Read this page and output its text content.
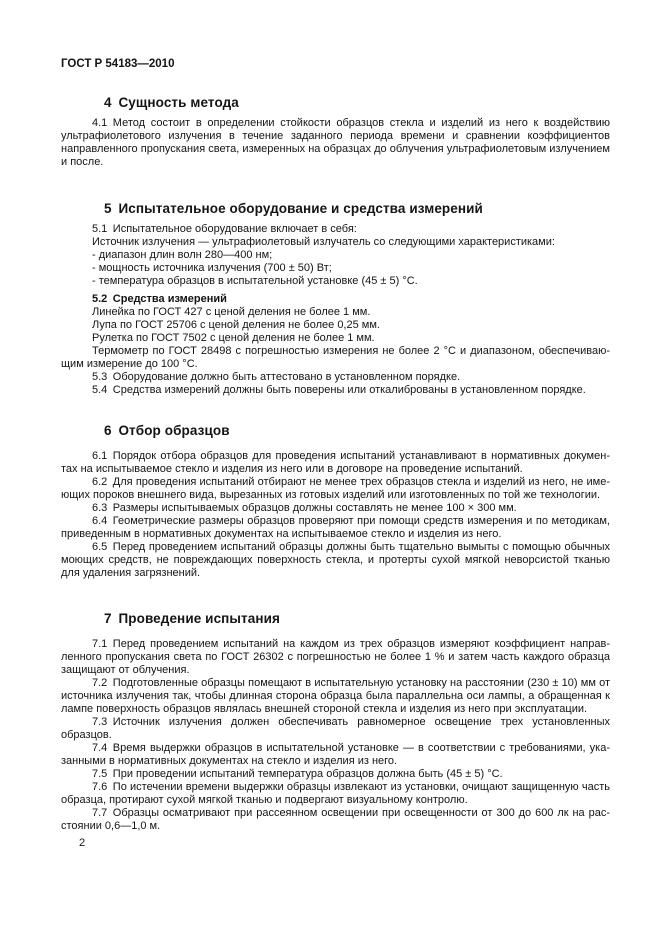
ГОСТ Р 54183—2010

4 Сущность метода

4.1 Метод состоит в определении стойкости образцов стекла и изделий из него к воздействию ультрафиолетового излучения в течение заданного периода времени и сравнении коэффициентов направленного пропускания света, измеренных на образцах до облучения ультрафиолетовым излучением и после.

5 Испытательное оборудование и средства измерений

5.1 Испытательное оборудование включает в себя:

Источник излучения — ультрафиолетовый излучатель со следующими характеристиками:

- диапазон длин волн 280—400 нм;

- мощность источника излучения (700 ± 50) Вт;

- температура образцов в испытательной установке (45 ± 5) °С.

5.2 Средства измерений

Линейка по ГОСТ 427 с ценой деления не более 1 мм.

Лупа по ГОСТ 25706 с ценой деления не более 0,25 мм.

Рулетка по ГОСТ 7502 с ценой деления не более 1 мм.

Термометр по ГОСТ 28498 с погрешностью измерения не более 2 °С и диапазоном, обеспечивающим измерение до 100 °С.

5.3 Оборудование должно быть аттестовано в установленном порядке.

5.4 Средства измерений должны быть поверены или откалиброваны в установленном порядке.

6 Отбор образцов

6.1 Порядок отбора образцов для проведения испытаний устанавливают в нормативных документах на испытываемое стекло и изделия из него или в договоре на проведение испытаний.

6.2 Для проведения испытаний отбирают не менее трех образцов стекла и изделий из него, не имеющих пороков внешнего вида, вырезанных из готовых изделий или изготовленных по той же технологии.

6.3 Размеры испытываемых образцов должны составлять не менее 100 × 300 мм.

6.4 Геометрические размеры образцов проверяют при помощи средств измерения и по методикам, приведенным в нормативных документах на испытываемое стекло и изделия из него.

6.5 Перед проведением испытаний образцы должны быть тщательно вымыты с помощью обычных моющих средств, не повреждающих поверхность стекла, и протерты сухой мягкой неворсистой тканью для удаления загрязнений.

7 Проведение испытания

7.1 Перед проведением испытаний на каждом из трех образцов измеряют коэффициент направленного пропускания света по ГОСТ 26302 с погрешностью не более 1 % и затем часть каждого образца защищают от облучения.

7.2 Подготовленные образцы помещают в испытательную установку на расстоянии (230 ± 10) мм от источника излучения так, чтобы длинная сторона образца была параллельна оси лампы, а обращенная к лампе поверхность образцов являлась внешней стороной стекла и изделия из него при эксплуатации.

7.3 Источник излучения должен обеспечивать равномерное освещение трех установленных образцов.

7.4 Время выдержки образцов в испытательной установке — в соответствии с требованиями, указанными в нормативных документах на стекло и изделия из него.

7.5 При проведении испытаний температура образцов должна быть (45 ± 5) °С.

7.6 По истечении времени выдержки образцы извлекают из установки, очищают защищенную часть образца, протирают сухой мягкой тканью и подвергают визуальному контролю.

7.7 Образцы осматривают при рассеянном освещении при освещенности от 300 до 600 лк на расстоянии 0,6—1,0 м.

2
